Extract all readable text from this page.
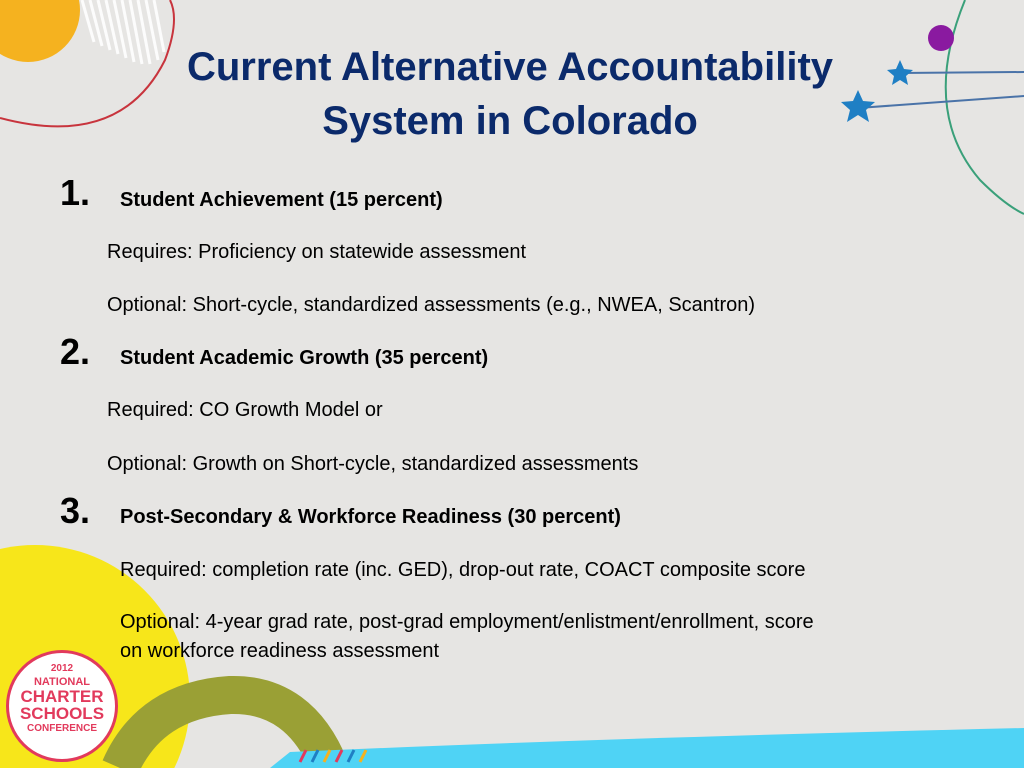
Current Alternative Accountability
System in Colorado
1. Student Achievement (15 percent)
Requires: Proficiency on statewide assessment
Optional: Short-cycle, standardized assessments (e.g., NWEA, Scantron)
2. Student Academic Growth (35 percent)
Required: CO Growth Model or
Optional: Growth on Short-cycle, standardized assessments
3. Post-Secondary & Workforce Readiness (30 percent)
Required: completion rate (inc. GED), drop-out rate, COACT composite score
Optional: 4-year grad rate, post-grad employment/enlistment/enrollment, score
on workforce readiness assessment
2012
NATIONAL
CHARTER
SCHOOLS
CONFERENCE
